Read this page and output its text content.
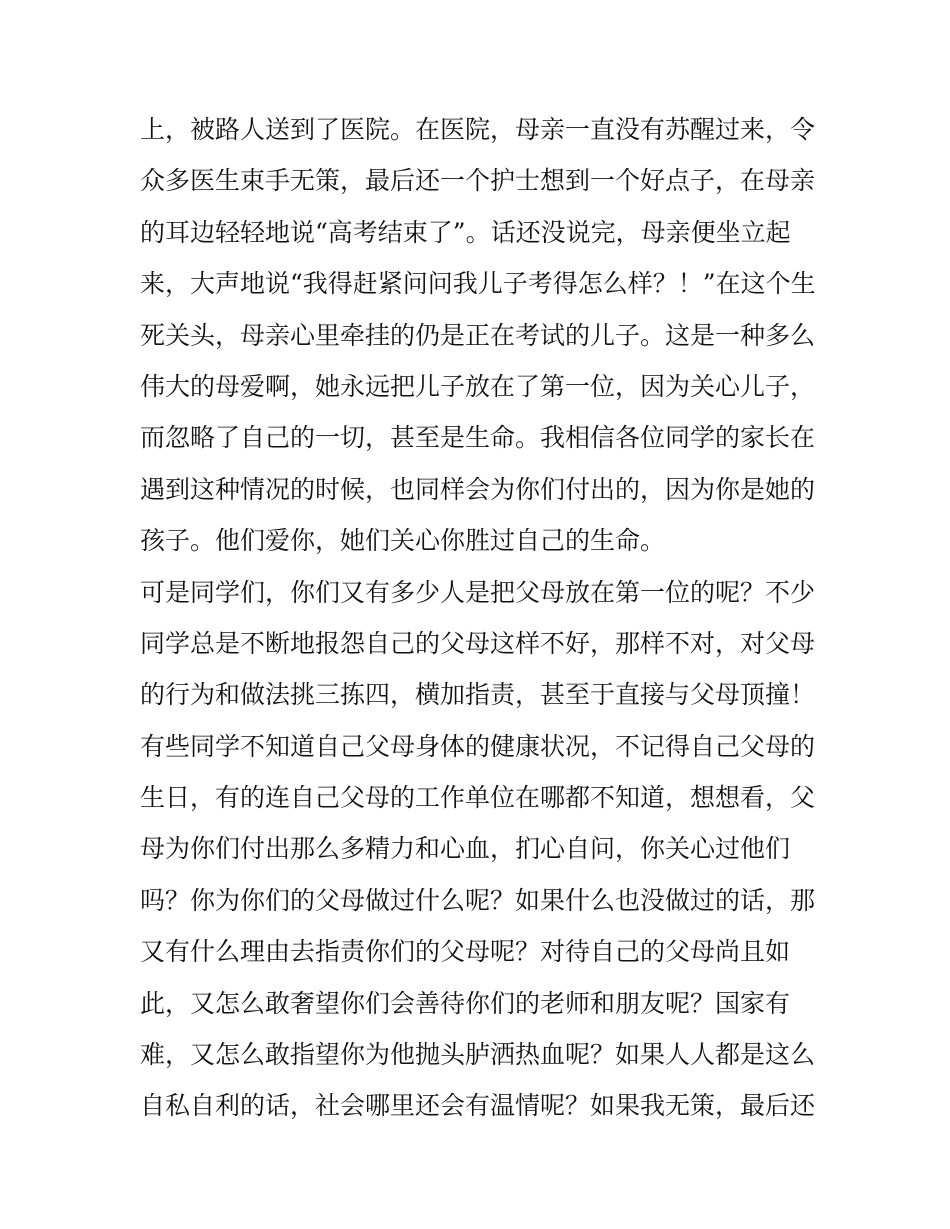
上，被路人送到了医院。在医院，母亲一直没有苏醒过来，令
众多医生束手无策，最后还一个护士想到一个好点子，在母亲
的耳边轻轻地说“高考结束了”。话还没说完，母亲便坐立起
来，大声地说“我得赶紧问问我儿子考得怎么样？！”在这个生
死关头，母亲心里牵挂的仍是正在考试的儿子。这是一种多么
伟大的母爱啊，她永远把儿子放在了第一位，因为关心儿子，
而忽略了自己的一切，甚至是生命。我相信各位同学的家长在
遇到这种情况的时候，也同样会为你们付出的，因为你是她的
孩子。他们爱你，她们关心你胜过自己的生命。
可是同学们，你们又有多少人是把父母放在第一位的呢？不少
同学总是不断地报怨自己的父母这样不好，那样不对，对父母
的行为和做法挑三拣四，横加指责，甚至于直接与父母顶撞！
有些同学不知道自己父母身体的健康状况，不记得自己父母的
生日，有的连自己父母的工作单位在哪都不知道，想想看，父
母为你们付出那么多精力和心血，扪心自问，你关心过他们
吗？你为你们的父母做过什么呢？如果什么也没做过的话，那
又有什么理由去指责你们的父母呢？对待自己的父母尚且如
此，又怎么敢奢望你们会善待你们的老师和朋友呢？国家有
难，又怎么敢指望你为他抛头胪洒热血呢？如果人人都是这么
自私自利的话，社会哪里还会有温情呢？如果我无策，最后还
